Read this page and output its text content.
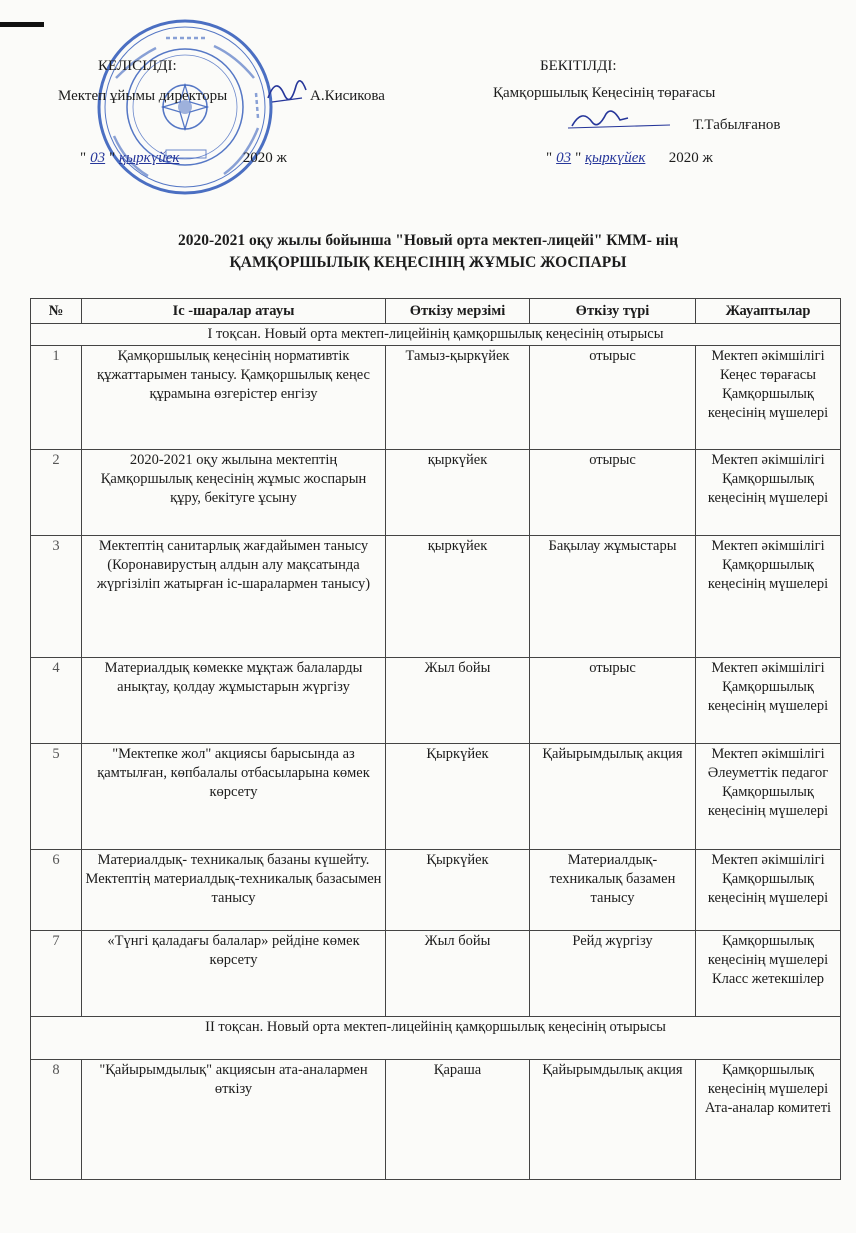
КЕЛІСІЛДІ:
Мектеп ұйымы директоры	А.Кисикова
" 03 " қыркүйек	2020 ж
БЕКІТІЛДІ:
Қамқоршылық Кеңесінің төрағасы
Т.Табылғанов
" 03 " қыркүйек 2020 ж
2020-2021 оқу жылы бойынша "Новый орта мектеп-лицейі" КММ- нің
ҚАМҚОРШЫЛЫҚ КЕҢЕСІНІҢ ЖҰМЫС ЖОСПАРЫ
№	Іс -шаралар атауы	Өткізу мерзімі	Өткізу түрі	Жауаптылар
І тоқсан. Новый орта мектеп-лицейінің қамқоршылық кеңесінің отырысы				
1	Қамқоршылық кеңесінің нормативтік құжаттарымен танысу. Қамқоршылық кеңес құрамына өзгерістер енгізу	Тамыз-қыркүйек	отырыс	Мектеп әкімшілігі Кеңес төрағасы Қамқоршылық кеңесінің мүшелері
2	2020-2021 оқу жылына мектептің Қамқоршылық кеңесінің жұмыс жоспарын құру, бекітуге ұсыну	қыркүйек	отырыс	Мектеп әкімшілігі Қамқоршылық кеңесінің мүшелері
3	Мектептің санитарлық жағдайымен танысу (Коронавирустың алдын алу мақсатында жүргізіліп жатырған іс-шаралармен танысу)	қыркүйек	Бақылау жұмыстары	Мектеп әкімшілігі Қамқоршылық кеңесінің мүшелері
4	Материалдық көмекке мұқтаж балаларды анықтау, қолдау жұмыстарын жүргізу	Жыл бойы	отырыс	Мектеп әкімшілігі Қамқоршылық кеңесінің мүшелері
5	"Мектепке жол" акциясы барысында аз қамтылған, көпбалалы отбасыларына көмек көрсету	Қыркүйек	Қайырымдылық акция	Мектеп әкімшілігі Әлеуметтік педагог Қамқоршылық кеңесінің мүшелері
6	Материалдық- техникалық базаны күшейту. Мектептің материалдық-техникалық базасымен танысу	Қыркүйек	Материалдық-техникалық базамен танысу	Мектеп әкімшілігі Қамқоршылық кеңесінің мүшелері
7	«Түнгі қаладағы балалар» рейдіне көмек көрсету	Жыл бойы	Рейд жүргізу	Қамқоршылық кеңесінің мүшелері Класс жетекшілер
ІІ тоқсан. Новый орта мектеп-лицейінің қамқоршылық кеңесінің отырысы				
8	"Қайырымдылық" акциясын ата-аналармен өткізу	Қараша	Қайырымдылық акция	Қамқоршылық кеңесінің мүшелері Ата-аналар комитеті
